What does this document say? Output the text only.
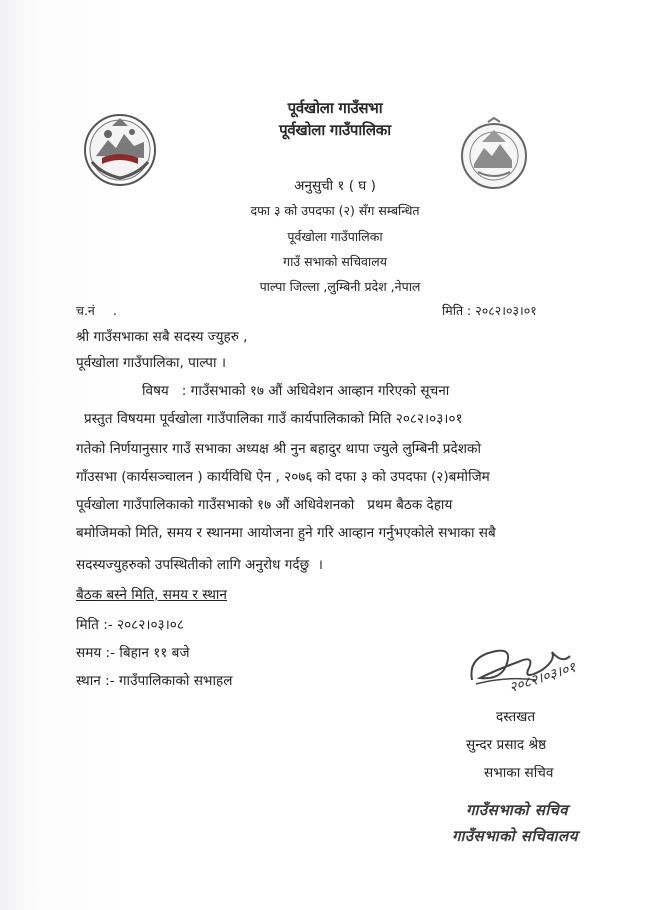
पूर्वखोला गाउँसभा
पूर्वखोला गाउँपालिका
अनुसुची १ ( घ )
दफा ३ को उपदफा (२) सँग सम्बन्धित
पूर्वखोला गाउँपालिका
गाउँ सभाको सचिवालय
पाल्पा जिल्ला ,लुम्बिनी प्रदेश ,नेपाल
च.नं .	मिति : २०८२।०३।०१
श्री गाउँसभाका सबै सदस्य ज्युहरु ,
पूर्वखोला गाउँपालिका, पाल्पा ।
विषय   : गाउँसभाको १७ औं अधिवेशन आव्हान गरिएको सूचना
प्रस्तुत विषयमा पूर्वखोला गाउँपालिका गाउँ कार्यपालिकाको मिति २०८२।०३।०१
गतेको निर्णयानुसार गाउँ सभाका अध्यक्ष श्री नुन बहादुर थापा ज्युले लुम्बिनी प्रदेशको
गाँउसभा (कार्यसञ्चालन ) कार्यविधि ऐन , २०७६ को दफा ३ को उपदफा (२)बमोजिम
पूर्वखोला गाउँपालिकाको गाउँसभाको १७ औं अधिवेशनको   प्रथम बैठक देहाय
बमोजिमको मिति, समय र स्थानमा आयोजना हुने गरि आव्हान गर्नुभएकोले सभाका सबै
सदस्यज्युहरुको उपस्थितीको लागि अनुरोध गर्दछु  ।
बैठक बस्ने मिति, समय र स्थान
मिति :- २०८२।०३।०८
समय :- बिहान ११ बजे
स्थान :- गाउँपालिकाको सभाहल	२०८२।०३।०१
दस्तखत
सुन्दर प्रसाद श्रेष्ठ
सभाका सचिव
गाउँसभाको सचिव
गाउँसभाको सचिवालय
